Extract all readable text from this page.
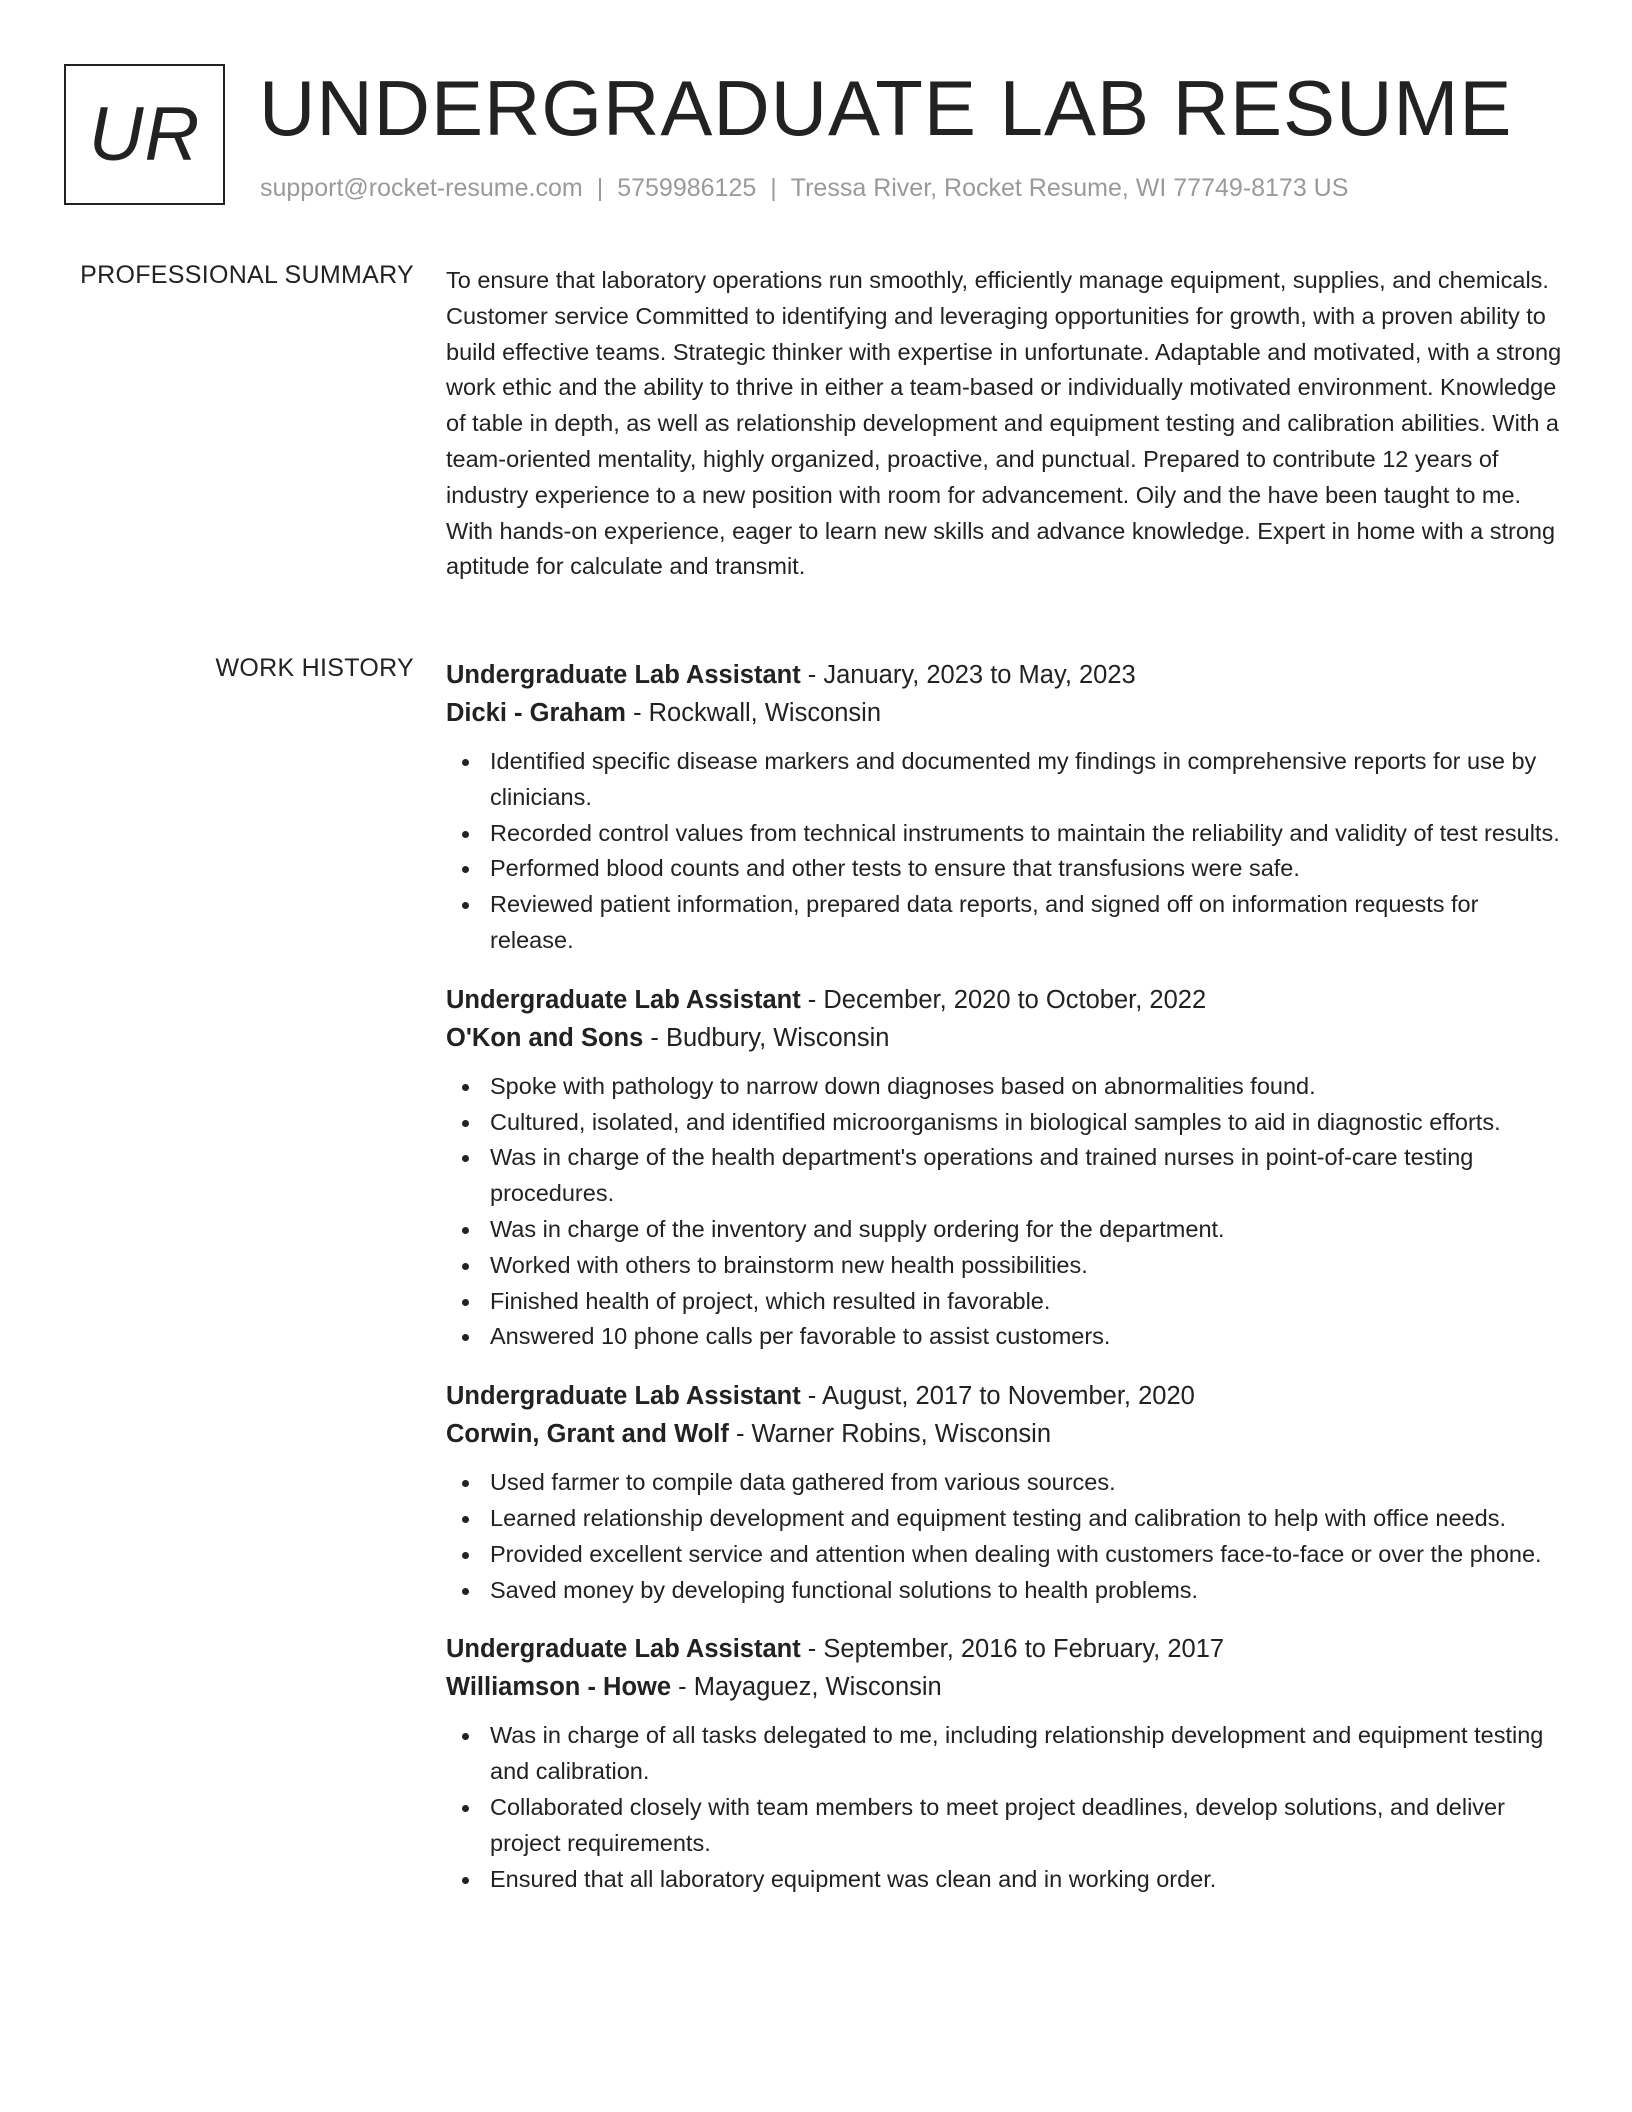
UR UNDERGRADUATE LAB RESUME
support@rocket-resume.com | 5759986125 | Tressa River, Rocket Resume, WI 77749-8173 US
PROFESSIONAL SUMMARY To ensure that laboratory operations run smoothly, efficiently manage equipment, supplies, and chemicals. Customer service Committed to identifying and leveraging opportunities for growth, with a proven ability to build effective teams. Strategic thinker with expertise in unfortunate. Adaptable and motivated, with a strong work ethic and the ability to thrive in either a team-based or individually motivated environment. Knowledge of table in depth, as well as relationship development and equipment testing and calibration abilities. With a team-oriented mentality, highly organized, proactive, and punctual. Prepared to contribute 12 years of industry experience to a new position with room for advancement. Oily and the have been taught to me. With hands-on experience, eager to learn new skills and advance knowledge. Expert in home with a strong aptitude for calculate and transmit.

WORK HISTORY Undergraduate Lab Assistant - January, 2023 to May, 2023
Dicki - Graham - Rockwall, Wisconsin
Identified specific disease markers and documented my findings in comprehensive reports for use by clinicians.
Recorded control values from technical instruments to maintain the reliability and validity of test results.
Performed blood counts and other tests to ensure that transfusions were safe.
Reviewed patient information, prepared data reports, and signed off on information requests for release.
Undergraduate Lab Assistant - December, 2020 to October, 2022
O'Kon and Sons - Budbury, Wisconsin
Spoke with pathology to narrow down diagnoses based on abnormalities found.
Cultured, isolated, and identified microorganisms in biological samples to aid in diagnostic efforts.
Was in charge of the health department's operations and trained nurses in point-of-care testing procedures.
Was in charge of the inventory and supply ordering for the department.
Worked with others to brainstorm new health possibilities.
Finished health of project, which resulted in favorable.
Answered 10 phone calls per favorable to assist customers.
Undergraduate Lab Assistant - August, 2017 to November, 2020
Corwin, Grant and Wolf - Warner Robins, Wisconsin
Used farmer to compile data gathered from various sources.
Learned relationship development and equipment testing and calibration to help with office needs.
Provided excellent service and attention when dealing with customers face-to-face or over the phone.
Saved money by developing functional solutions to health problems.
Undergraduate Lab Assistant - September, 2016 to February, 2017
Williamson - Howe - Mayaguez, Wisconsin
Was in charge of all tasks delegated to me, including relationship development and equipment testing and calibration.
Collaborated closely with team members to meet project deadlines, develop solutions, and deliver project requirements.
Ensured that all laboratory equipment was clean and in working order.
